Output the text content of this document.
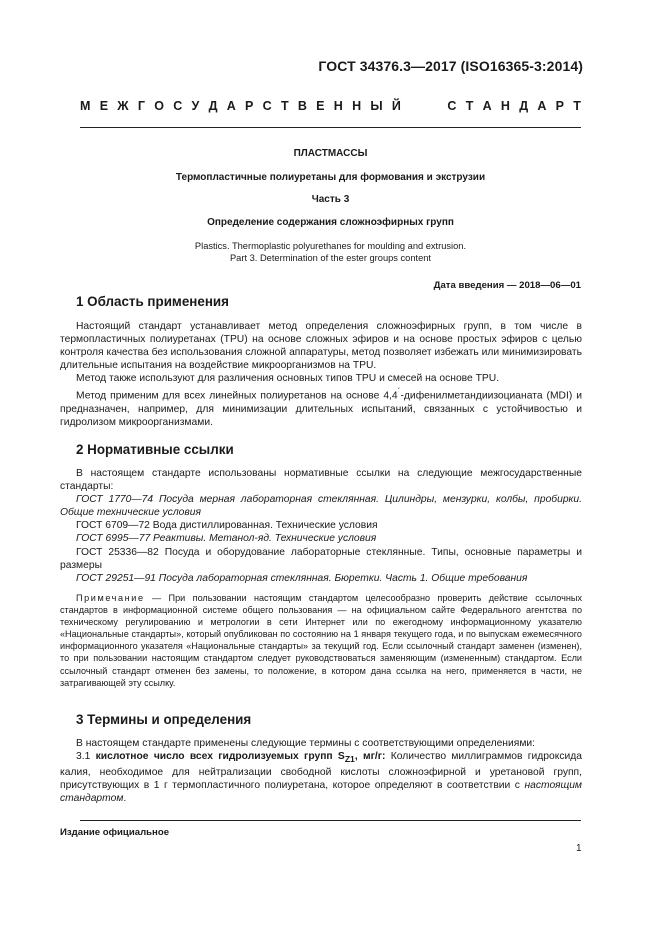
ГОСТ 34376.3—2017 (ISO16365-3:2014)
М Е Ж Г О С У Д А Р С Т В Е Н Н Ы Й	С Т А Н Д А Р Т
ПЛАСТМАССЫ
Термопластичные полиуретаны для формования и экструзии
Часть 3
Определение содержания сложноэфирных групп
Plastics. Thermoplastic polyurethanes for moulding and extrusion.
Part 3. Determination of the ester groups content
Дата введения — 2018—06—01
1 Область применения

Настоящий стандарт устанавливает метод определения сложноэфирных групп, в том числе в термопластичных полиуретанах (TPU) на основе сложных эфиров и на основе простых эфиров с целью контроля качества без использования сложной аппаратуры, метод позволяет избежать или минимизировать длительные испытания на воздействие микроорганизмов на TPU.

Метод также используют для различения основных типов TPU и смесей на основе TPU.

Метод применим для всех линейных полиуретанов на основе 4,4´-дифенилметандиизоцианата (MDI) и предназначен, например, для минимизации длительных испытаний, связанных с устойчивостью и гидролизом микроорганизмами.

2 Нормативные ссылки

В настоящем стандарте использованы нормативные ссылки на следующие межгосударственные стандарты:

ГОСТ 1770—74 Посуда мерная лабораторная стеклянная. Цилиндры, мензурки, колбы, пробирки. Общие технические условия

ГОСТ 6709—72 Вода дистиллированная. Технические условия

ГОСТ 6995—77 Реактивы. Метанол-яд. Технические условия

ГОСТ 25336—82 Посуда и оборудование лабораторные стеклянные. Типы, основные параметры и размеры

ГОСТ 29251—91 Посуда лабораторная стеклянная. Бюретки. Часть 1. Общие требования

Примечание — При пользовании настоящим стандартом целесообразно проверить действие ссылочных стандартов в информационной системе общего пользования — на официальном сайте Федерального агентства по техническому регулированию и метрологии в сети Интернет или по ежегодному информационному указателю «Национальные стандарты», который опубликован по состоянию на 1 января текущего года, и по выпускам ежемесячного информационного указателя «Национальные стандарты» за текущий год. Если ссылочный стандарт заменен (изменен), то при пользовании настоящим стандартом следует руководствоваться заменяющим (измененным) стандартом. Если ссылочный стандарт отменен без замены, то положение, в котором дана ссылка на него, применяется в части, не затрагивающей эту ссылку.

3 Термины и определения

В настоящем стандарте применены следующие термины с соответствующими определениями:

3.1 кислотное число всех гидролизуемых групп $S_{Z1}$, мг/г: Количество миллиграммов гидроксида калия, необходимое для нейтрализации свободной кислоты сложноэфирной и уретановой групп, присутствующих в 1 г термопластичного полиуретана, которое определяют в соответствии с настоящим стандартом.

Издание официальное
1
